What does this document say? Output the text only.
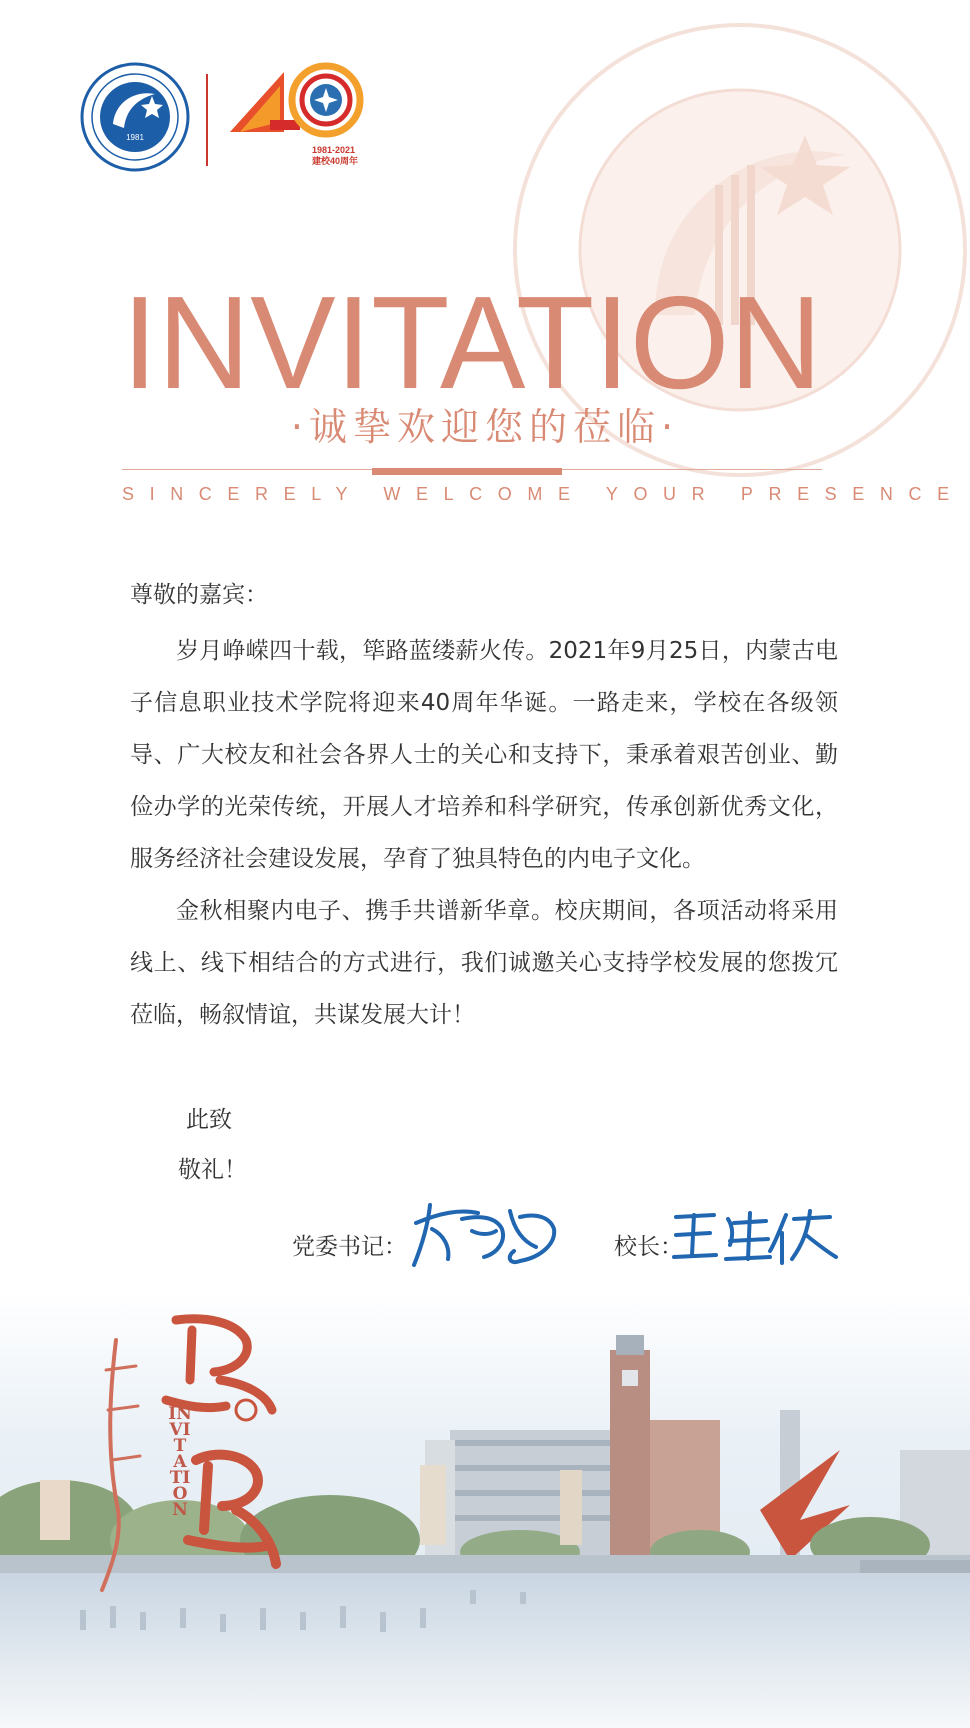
1981
40
1981-2021
建校40周年
INVITATION
·诚挚欢迎您的莅临·
SINCERELY WELCOME YOUR PRESENCE
尊敬的嘉宾：

岁月峥嵘四十载，筚路蓝缕薪火传。2021年9月25日，内蒙古电子信息职业技术学院将迎来40周年华诞。一路走来，学校在各级领导、广大校友和社会各界人士的关心和支持下，秉承着艰苦创业、勤俭办学的光荣传统，开展人才培养和科学研究，传承创新优秀文化，服务经济社会建设发展，孕育了独具特色的内电子文化。

金秋相聚内电子、携手共谱新华章。校庆期间，各项活动将采用线上、线下相结合的方式进行，我们诚邀关心支持学校发展的您拨冗莅临，畅叙情谊，共谋发展大计！

此致
敬礼！
党委书记：	校长：
INVITATION
